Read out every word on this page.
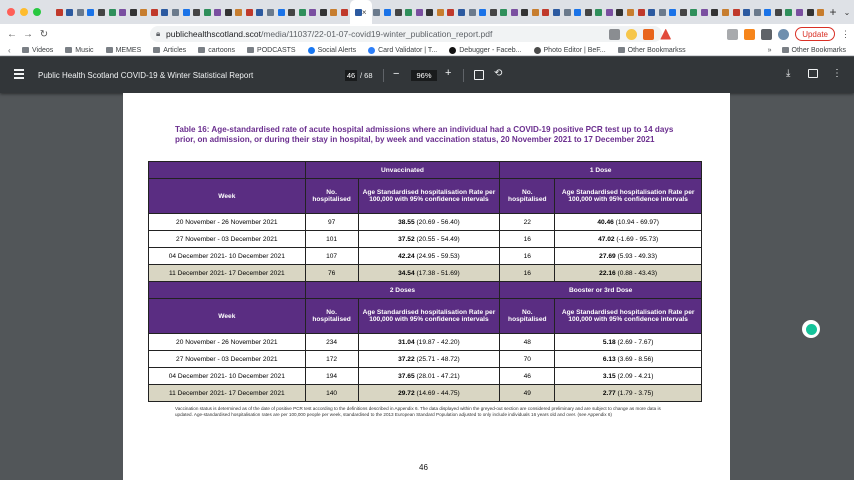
×	+ ⌄
← → ↻	🔒︎ publichealthscotland.scot /media/11037/22-01-07-covid19-winter_publication_report.pdf	Update	⋮
‹	Videos	Music	MEMES	Articles	cartoons	PODCASTS	Social Alerts	Card Validator | T...	Debugger - Faceb...	Photo Editor | BeF...	Other Bookmarkss	»	Other Bookmarks
Public Health Scotland COVID-19 & Winter Statistical Report	46 / 68 −	96%	+	⟲	⤓	⋮
Table 16: Age-standardised rate of acute hospital admissions where an individual had a COVID-19 positive PCR test up to 14 days prior, on admission, or during their stay in hospital, by week and vaccination status, 20 November 2021 to 17 December 2021
	Unvaccinated		1 Dose	
Week	No. hospitalised	Age Standardised hospitalisation Rate per 100,000 with 95% confidence intervals	No. hospitalised	Age Standardised hospitalisation Rate per 100,000 with 95% confidence intervals
20 November - 26 November 2021	97	38.55 (20.69 - 56.40)	22	40.46 (10.94 - 69.97)
27 November - 03 December 2021	101	37.52 (20.55 - 54.49)	16	47.02 (-1.69 - 95.73)
04 December 2021- 10 December 2021	107	42.24 (24.95 - 59.53)	16	27.69 (5.93 - 49.33)
11 December 2021- 17 December 2021	76	34.54 (17.38 - 51.69)	16	22.16 (0.88 - 43.43)
	2 Doses		Booster or 3rd Dose	
Week	No. hospitalised	Age Standardised hospitalisation Rate per 100,000 with 95% confidence intervals	No. hospitalised	Age Standardised hospitalisation Rate per 100,000 with 95% confidence intervals
20 November - 26 November 2021	234	31.04 (19.87 - 42.20)	48	5.18 (2.69 - 7.67)
27 November - 03 December 2021	172	37.22 (25.71 - 48.72)	70	6.13 (3.69 - 8.56)
04 December 2021- 10 December 2021	194	37.65 (28.01 - 47.21)	46	3.15 (2.09 - 4.21)
11 December 2021- 17 December 2021	140	29.72 (14.69 - 44.75)	49	2.77 (1.79 - 3.75)
Vaccination status is determined as of the date of positive PCR test according to the definitions described in Appendix 6. The data displayed within the greyed-out section are considered preliminary and are subject to change as more data is updated. Age-standardised hospitalisation rates are per 100,000 people per week, standardised to the 2013 European Standard Population adjusted to only include individuals 16 years old and over. (see Appendix 6)
46
